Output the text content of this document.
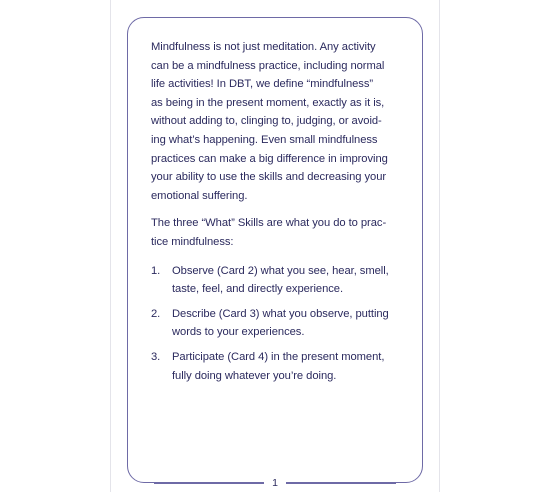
Mindfulness is not just meditation. Any activity
can be a mindfulness practice, including normal
life activities! In DBT, we define “mindfulness”
as being in the present moment, exactly as it is,
without adding to, clinging to, judging, or avoid-
ing what’s happening. Even small mindfulness
practices can make a big difference in improving
your ability to use the skills and decreasing your
emotional suffering.

The three “What” Skills are what you do to prac-
tice mindfulness:

1.	Observe (Card 2) what you see, hear, smell,
taste, feel, and directly experience.
2.	Describe (Card 3) what you observe, putting
words to your experiences.
3.	Participate (Card 4) in the present moment,
fully doing whatever you’re doing.
1
